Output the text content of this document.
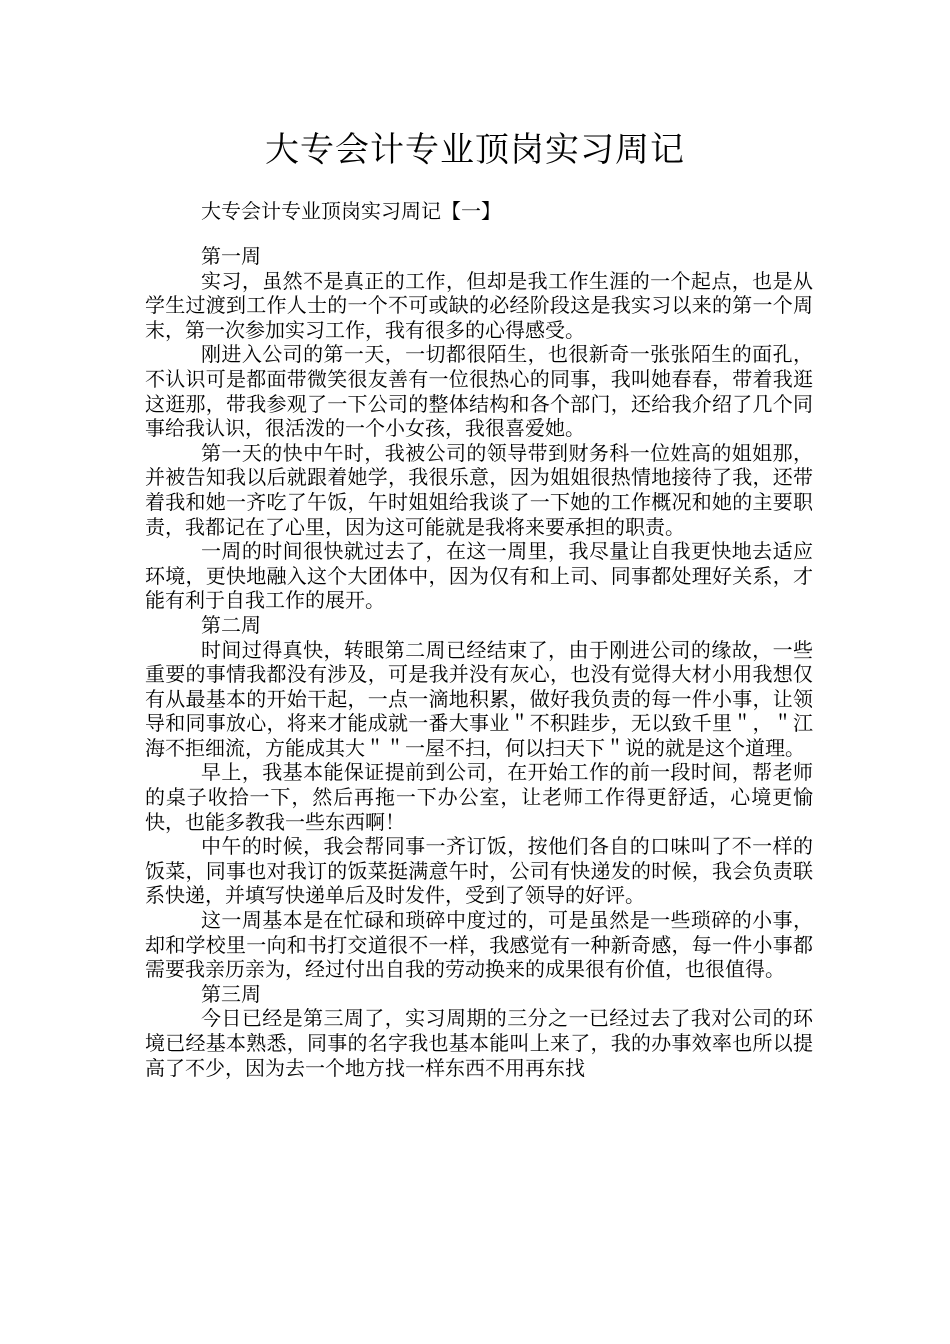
大专会计专业顶岗实习周记
大专会计专业顶岗实习周记【一】

第一周

实习，虽然不是真正的工作，但却是我工作生涯的一个起点，也是从学生过渡到工作人士的一个不可或缺的必经阶段这是我实习以来的第一个周末，第一次参加实习工作，我有很多的心得感受。

刚进入公司的第一天，一切都很陌生，也很新奇一张张陌生的面孔，不认识可是都面带微笑很友善有一位很热心的同事，我叫她春春，带着我逛这逛那，带我参观了一下公司的整体结构和各个部门，还给我介绍了几个同事给我认识，很活泼的一个小女孩，我很喜爱她。

第一天的快中午时，我被公司的领导带到财务科一位姓高的姐姐那，并被告知我以后就跟着她学，我很乐意，因为姐姐很热情地接待了我，还带着我和她一齐吃了午饭，午时姐姐给我谈了一下她的工作概况和她的主要职责，我都记在了心里，因为这可能就是我将来要承担的职责。

一周的时间很快就过去了，在这一周里，我尽量让自我更快地去适应环境，更快地融入这个大团体中，因为仅有和上司、同事都处理好关系，才能有利于自我工作的展开。

第二周

时间过得真快，转眼第二周已经结束了，由于刚进公司的缘故，一些重要的事情我都没有涉及，可是我并没有灰心，也没有觉得大材小用我想仅有从最基本的开始干起，一点一滴地积累，做好我负责的每一件小事，让领导和同事放心，将来才能成就一番大事业＂不积跬步，无以致千里＂，＂江海不拒细流，方能成其大＂＂一屋不扫，何以扫天下＂说的就是这个道理。

早上，我基本能保证提前到公司，在开始工作的前一段时间，帮老师的桌子收拾一下，然后再拖一下办公室，让老师工作得更舒适，心境更愉快，也能多教我一些东西啊！

中午的时候，我会帮同事一齐订饭，按他们各自的口味叫了不一样的饭菜，同事也对我订的饭菜挺满意午时，公司有快递发的时候，我会负责联系快递，并填写快递单后及时发件，受到了领导的好评。

这一周基本是在忙碌和琐碎中度过的，可是虽然是一些琐碎的小事，却和学校里一向和书打交道很不一样，我感觉有一种新奇感，每一件小事都需要我亲历亲为，经过付出自我的劳动换来的成果很有价值，也很值得。

第三周

今日已经是第三周了，实习周期的三分之一已经过去了我对公司的环境已经基本熟悉，同事的名字我也基本能叫上来了，我的办事效率也所以提高了不少，因为去一个地方找一样东西不用再东找
